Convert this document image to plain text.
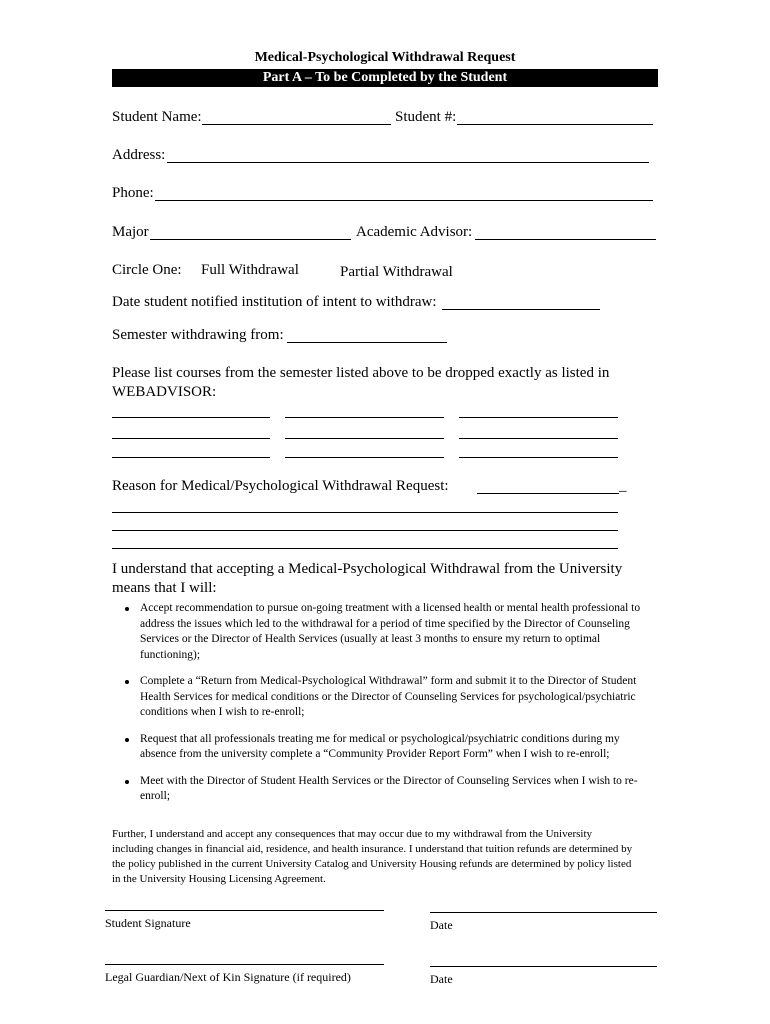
Medical-Psychological Withdrawal Request
Part A – To be Completed by the Student
Student Name:	Student #:
Address:
Phone:
Major	Academic Advisor:
Circle One: Full Withdrawal	Partial Withdrawal
Date student notified institution of intent to withdraw:
Semester withdrawing from:
Please list courses from the semester listed above to be dropped exactly as listed in
WEBADVISOR:
Reason for Medical/Psychological Withdrawal Request:	_
I understand that accepting a Medical-Psychological Withdrawal from the University
means that I will:
Accept recommendation to pursue on-going treatment with a licensed health or mental health professional to address the issues which led to the withdrawal for a period of time specified by the Director of Counseling Services or the Director of Health Services (usually at least 3 months to ensure my return to optimal functioning);
Complete a “Return from Medical-Psychological Withdrawal” form and submit it to the Director of Student Health Services for medical conditions or the Director of Counseling Services for psychological/psychiatric conditions when I wish to re-enroll;
Request that all professionals treating me for medical or psychological/psychiatric conditions during my absence from the university complete a “Community Provider Report Form” when I wish to re-enroll;
Meet with the Director of Student Health Services or the Director of Counseling Services when I wish to re-enroll;
Further, I understand and accept any consequences that may occur due to my withdrawal from the University
including changes in financial aid, residence, and health insurance. I understand that tuition refunds are determined by
the policy published in the current University Catalog and University Housing refunds are determined by policy listed
in the University Housing Licensing Agreement.
Student Signature	Date
Legal Guardian/Next of Kin Signature (if required)	Date
